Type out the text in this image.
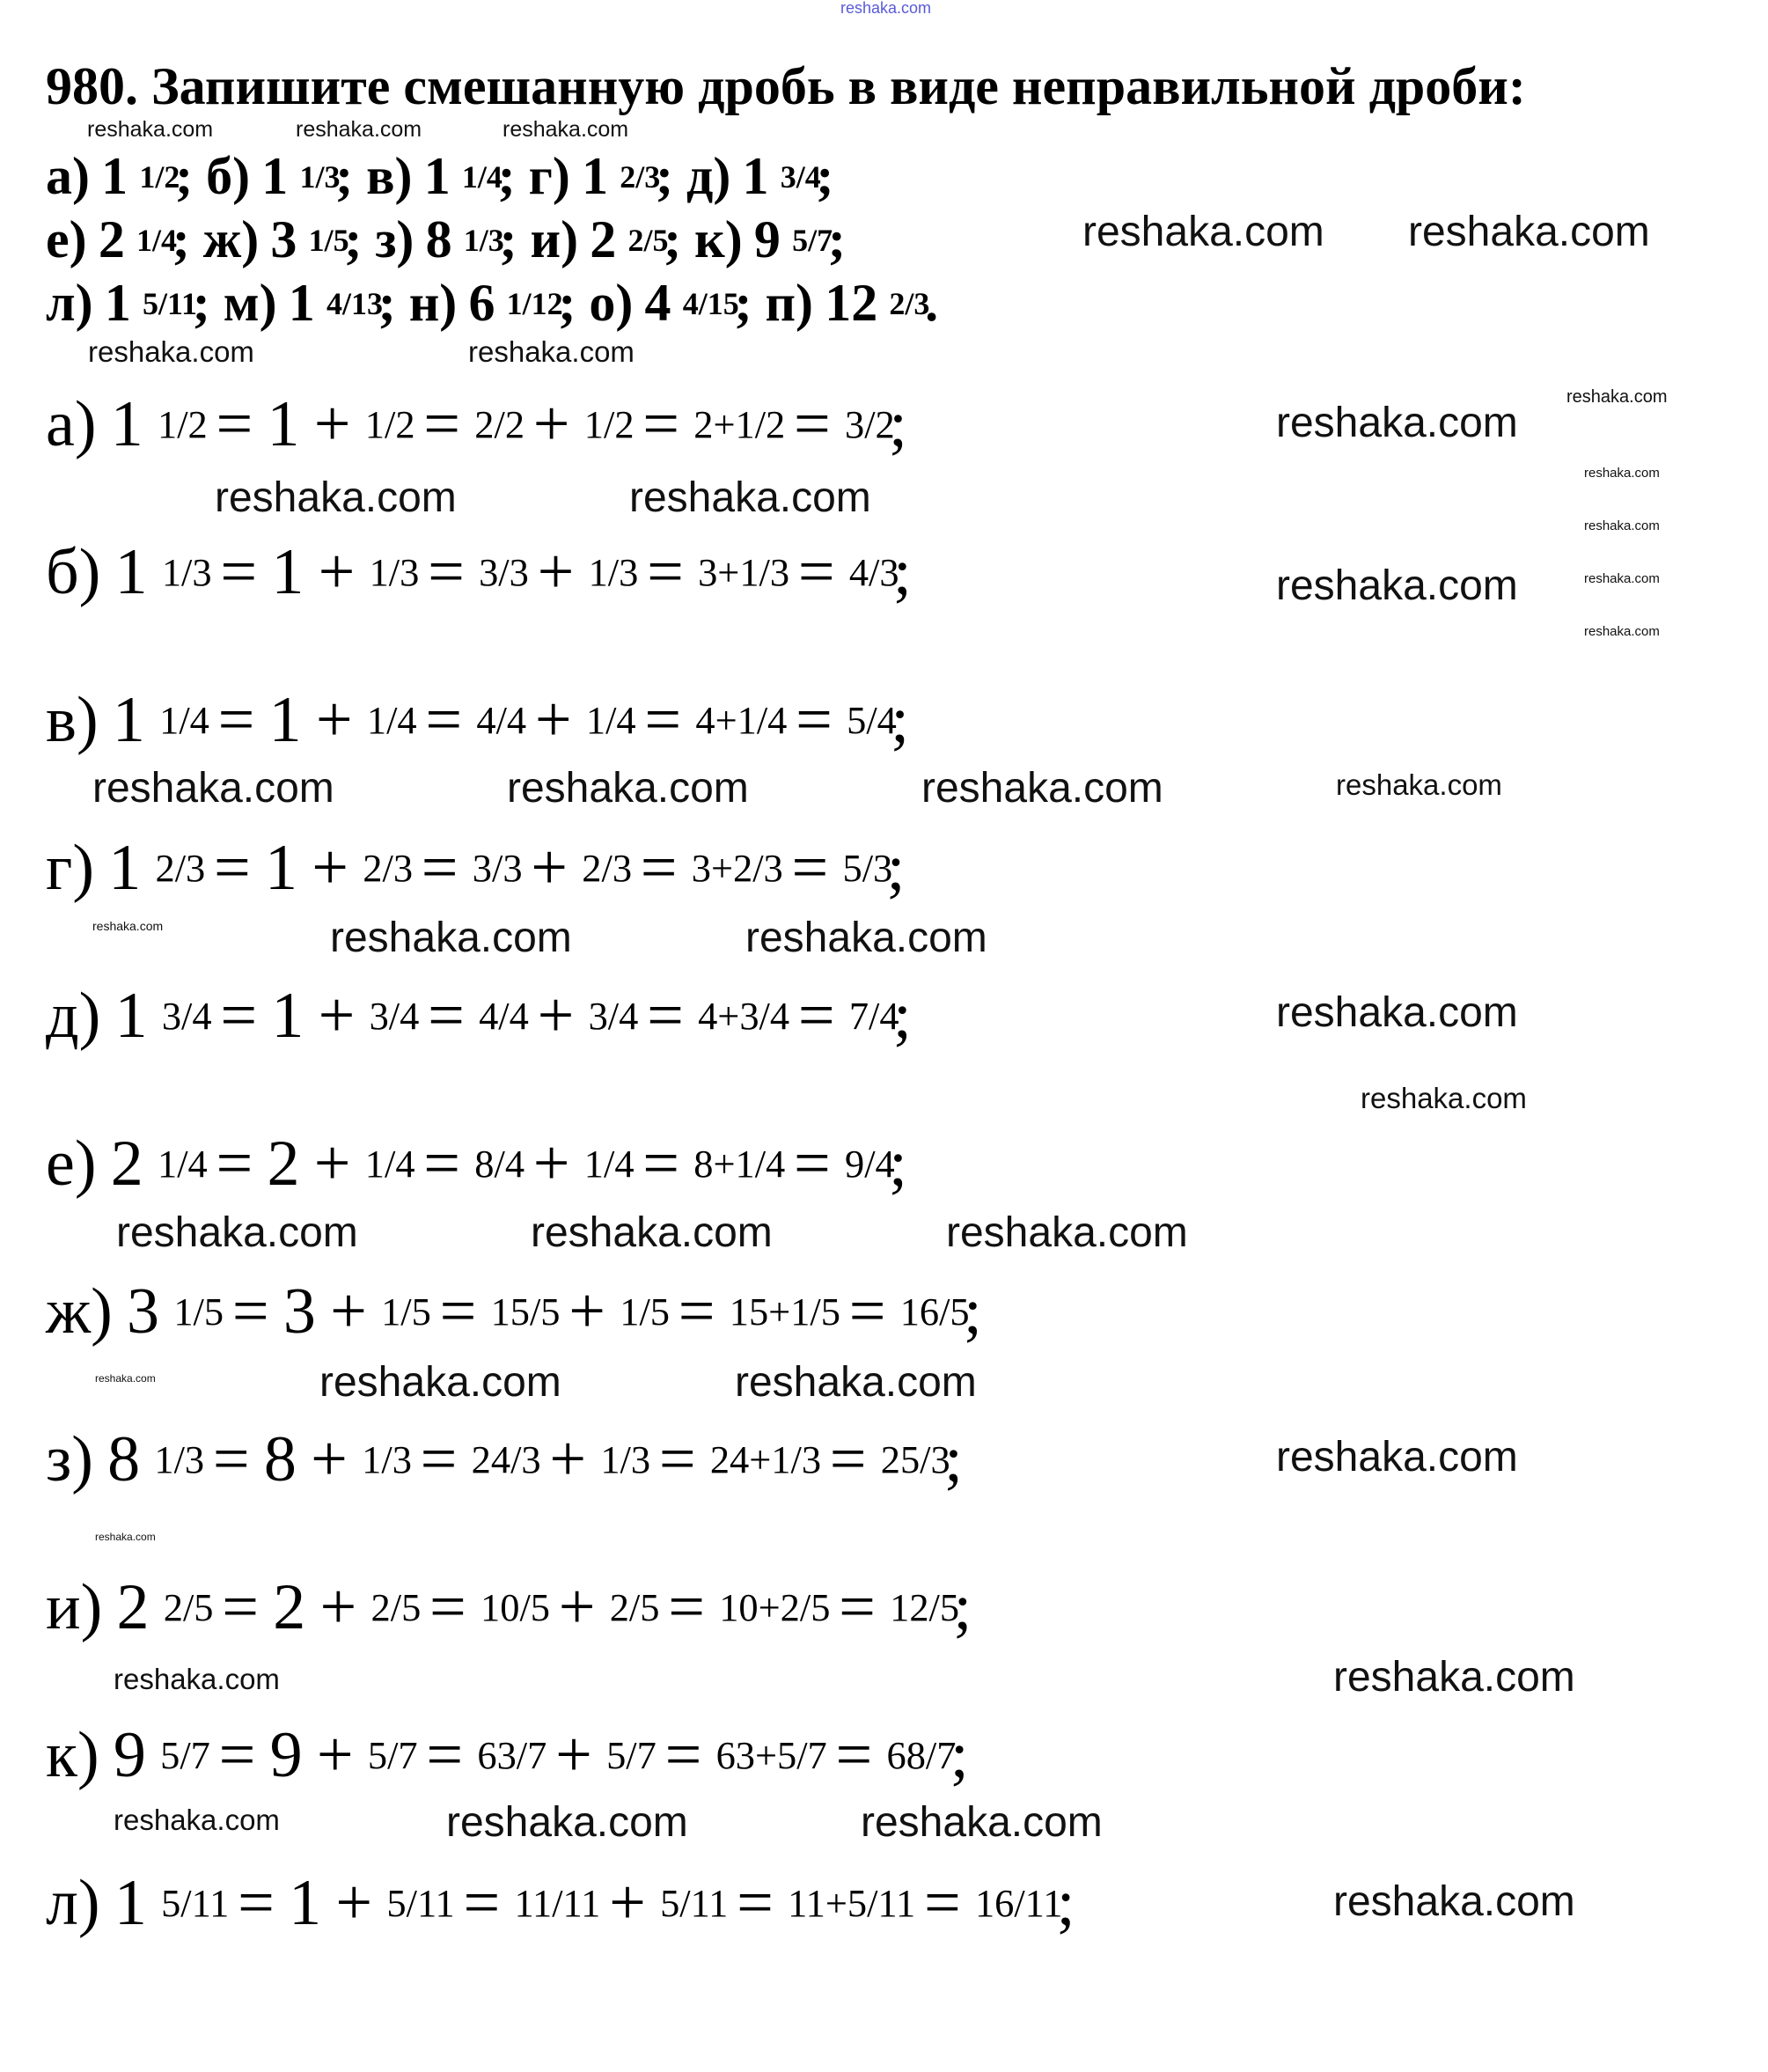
980. Запишите смешанную дробь в виде неправильной дроби:
а) 1 1/2; б) 1 1/3; в) 1 1/4; г) 1 2/3; д) 1 3/4;
е) 2 1/4; ж) 3 1/5; з) 8 1/3; и) 2 2/5; к) 9 5/7;
л) 1 5/11; м) 1 4/13; н) 6 1/12; о) 4 4/15; п) 12 2/3.
а) 1 1/2 = 1 + 1/2 = 2/2 + 1/2 = 2+1/2 = 3/2;
б) 1 1/3 = 1 + 1/3 = 3/3 + 1/3 = 3+1/3 = 4/3;
в) 1 1/4 = 1 + 1/4 = 4/4 + 1/4 = 4+1/4 = 5/4;
г) 1 2/3 = 1 + 2/3 = 3/3 + 2/3 = 3+2/3 = 5/3;
д) 1 3/4 = 1 + 3/4 = 4/4 + 3/4 = 4+3/4 = 7/4;
е) 2 1/4 = 2 + 1/4 = 8/4 + 1/4 = 8+1/4 = 9/4;
ж) 3 1/5 = 3 + 1/5 = 15/5 + 1/5 = 15+1/5 = 16/5;
з) 8 1/3 = 8 + 1/3 = 24/3 + 1/3 = 24+1/3 = 25/3;
и) 2 2/5 = 2 + 2/5 = 10/5 + 2/5 = 10+2/5 = 12/5;
к) 9 5/7 = 9 + 5/7 = 63/7 + 5/7 = 63+5/7 = 68/7;
л) 1 5/11 = 1 + 5/11 = 11/11 + 5/11 = 11+5/11 = 16/11;
reshaka.com
reshaka.com	reshaka.com	reshaka.com
reshaka.com reshaka.com
reshaka.com	reshaka.com
reshaka.com
reshaka.com
reshaka.com
reshaka.com
reshaka.com
reshaka.com
reshaka.com	reshaka.com
reshaka.com
reshaka.com	reshaka.com	reshaka.com	reshaka.com
reshaka.com
reshaka.com	reshaka.com	reshaka.com
reshaka.com
reshaka.com	reshaka.com	reshaka.com
reshaka.com
reshaka.com	reshaka.com	reshaka.com
reshaka.com
reshaka.com
reshaka.com
reshaka.com	reshaka.com
reshaka.com
reshaka.com
